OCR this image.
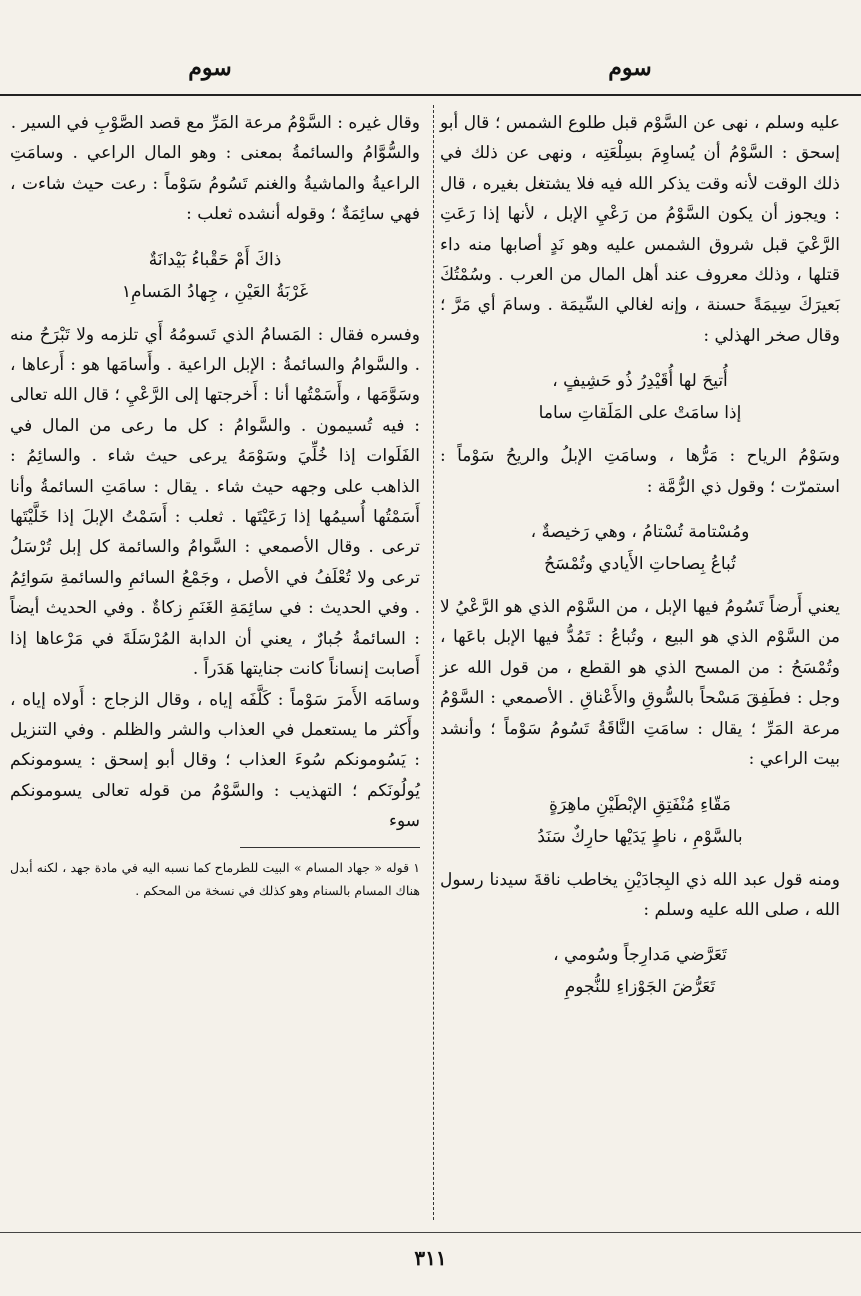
سوم
سوم

عليه وسلم ، نهى عن السَّوْم قبل طلوع الشمس ؛ قال أبو إسحق : السَّوْمُ أن يُساوِمَ بسِلْعَتِه ، ونهى عن ذلك في ذلك الوقت لأنه وقت يذكر الله فيه فلا يشتغل بغيره ، قال : ويجوز أن يكون السَّوْمُ من رَعْيِ الإبل ، لأنها إذا رَعَتِ الرَّعْيَ قبل شروق الشمس عليه وهو نَدٍ أصابها منه داء قتلها ، وذلك معروف عند أهل المال من العرب . وسُمْتُكَ بَعيرَكَ سِيمَةً حسنة ، وإنه لغالي السِّيمَة . وسامَ أي مَرَّ ؛ وقال صخر الهذلي :

أُتيحَ لها أُقَيْدِرُ ذُو حَشِيفٍ ،
إذا سامَتْ على المَلَقاتِ ساما

وسَوْمُ الرياح : مَرُّها ، وسامَتِ الإبلُ والريحُ سَوْماً : استمرّت ؛ وقول ذي الرُّمَّة :

ومُسْتامة تُسْتامُ ، وهي رَخيصةٌ ،
تُباعُ بِصاحاتِ الأَيادي وتُمْسَحُ

يعني أَرضاً تَسُومُ فيها الإبل ، من السَّوْم الذي هو الرَّعْيُ لا من السَّوْم الذي هو البيع ، وتُباعُ : تَمُدُّ فيها الإبل باعَها ، وتُمْسَحُ : من المسح الذي هو القطع ، من قول الله عز وجل : فطَفِقَ مَسْحاً بالسُّوقِ والأَعْناقِ . الأصمعي : السَّوْمُ مرعة المَرِّ ؛ يقال : سامَتِ النَّاقَةُ تَسُومُ سَوْماً ؛ وأنشد بيت الراعي :

مَقّاءِ مُنْفَتِقِ الإبْطَيْنِ ماهِرَةٍ
بالسَّوْمِ ، ناطٍ يَدَيْها حارِكٌ سَنَدُ

ومنه قول عبد الله ذي البِجادَيْنِ يخاطب ناقةَ سيدنا رسول الله ، صلى الله عليه وسلم :

تَعَرَّضي مَدارِجاً وسُومي ،
تَعَرُّضَ الجَوْزاءِ للنُّجومِ

وقال غيره : السَّوْمُ مرعة المَرِّ مع قصد الصَّوْبِ في السير .

والسُّوَّامُ والسائمةُ بمعنى : وهو المال الراعي . وسامَتِ الراعيةُ والماشيةُ والغنم تَسُومُ سَوْماً : رعت حيث شاءت ، فهي سائِمَةٌ ؛ وقوله أنشده ثعلب :

ذاكَ أَمْ حَقْباءُ بَيْدانَةٌ
غَرْبَةُ العَيْنِ ، جِهادُ المَسامِ١

وفسره فقال : المَسامُ الذي تَسومُهُ أَي تلزمه ولا تَبْرَحُ منه . والسَّوامُ والسائمةُ : الإبل الراعية . وأَسامَها هو : أَرعاها ، وسَوَّمَها ، وأَسَمْتُها أنا : أَخرجتها إلى الرَّعْيِ ؛ قال الله تعالى : فيه تُسيمون . والسَّوامُ : كل ما رعى من المال في الفَلَوات إذا خُلِّيَ وسَوْمَهُ يرعى حيث شاء . والسائِمُ : الذاهب على وجهه حيث شاء . يقال : سامَتِ السائمةُ وأنا أَسَمْتُها أُسيمُها إذا رَعَيْتَها . ثعلب : أَسَمْتُ الإبلَ إذا خَلَّيْتَها ترعى . وقال الأصمعي : السَّوامُ والسائمة كل إبل تُرْسَلُ ترعى ولا تُعْلَفُ في الأصل ، وجَمْعُ السائمِ والسائمةِ سَوائِمُ . وفي الحديث : في سائِمَةِ الغَنَمِ زكاةٌ . وفي الحديث أيضاً : السائمةُ جُبارٌ ، يعني أن الدابة المُرْسَلَةَ في مَرْعاها إذا أَصابت إنساناً كانت جنايتها هَدَراً .

وسامَه الأَمرَ سَوْماً : كَلَّفَه إياه ، وقال الزجاج : أَولاه إياه ، وأَكثر ما يستعمل في العذاب والشر والظلم . وفي التنزيل : يَسُومونكم سُوءَ العذاب ؛ وقال أبو إسحق : يسومونكم يُولُونَكم ؛ التهذيب : والسَّوْمُ من قوله تعالى يسومونكم سوء

١ قوله « جهاد المسام » البيت للطرماح كما نسبه اليه في مادة جهد ، لكنه أبدل هناك المسام بالسنام وهو كذلك في نسخة من المحكم .

٣١١
